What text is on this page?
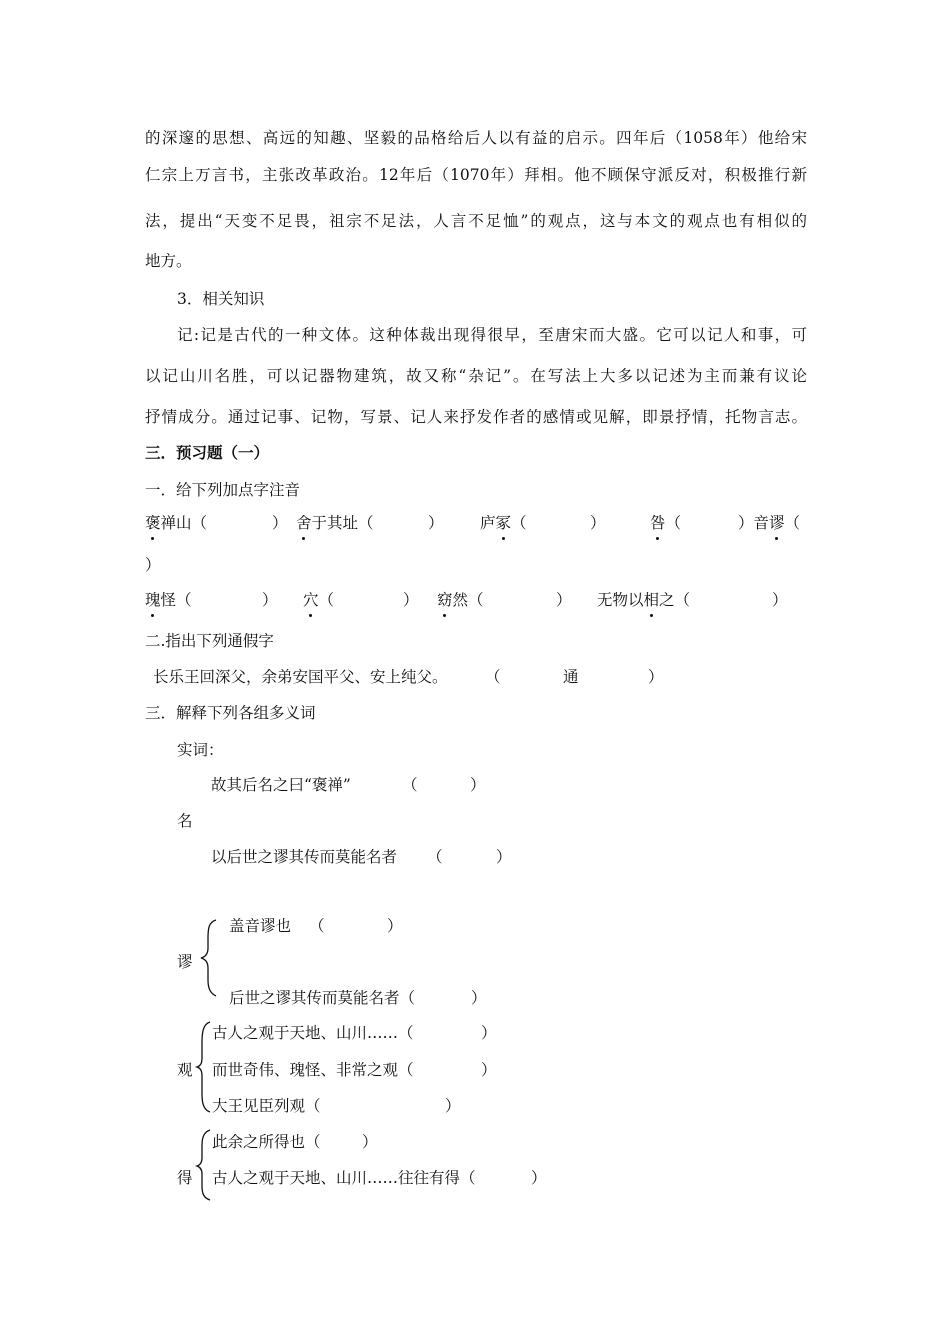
的深邃的思想、高远的知趣、坚毅的品格给后人以有益的启示。四年后（1058年）他给宋
仁宗上万言书，主张改革政治。12年后（1070年）拜相。他不顾保守派反对，积极推行新
法，提出“天变不足畏，祖宗不足法，人言不足恤”的观点，这与本文的观点也有相似的
地方。
3．相关知识
记:记是古代的一种文体。这种体裁出现得很早，至唐宋而大盛。它可以记人和事，可
以记山川名胜，可以记器物建筑，故又称“杂记”。在写法上大多以记述为主而兼有议论
抒情成分。通过记事、记物，写景、记人来抒发作者的感情或见解，即景抒情，托物言志。
三．预习题（一）
一．给下列加点字注音
褒禅山（	） 舍于其址（	） 庐冢（	）	咎（	）音谬（
）
瑰怪（	） 穴（	） 窈然（	） 无物以相之（	）
二.指出下列通假字
长乐王回深父，余弟安国平父、安上纯父。 （	通	）
三．解释下列各组多义词
实词：
故其后名之曰“褒禅”	（	）
名
以后世之谬其传而莫能名者 （	）
谬
盖音谬也 （	）
后世之谬其传而莫能名者（	）
观
古人之观于天地、山川……（	）
而世奇伟、瑰怪、非常之观（	）
大王见臣列观（	）
得
此余之所得也（	）
古人之观于天地、山川……往往有得（	）
